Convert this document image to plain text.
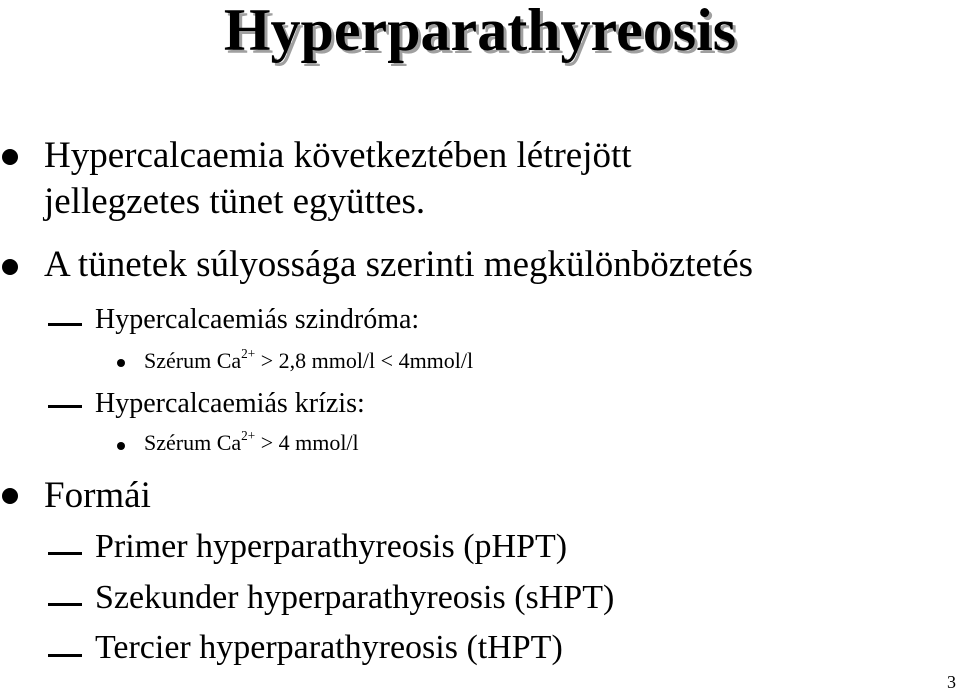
Hyperparathyreosis
Hypercalcaemia következtében létrejött
jellegzetes tünet együttes.
A tünetek súlyossága szerinti megkülönböztetés
Hypercalcaemiás szindróma:
Szérum $Ca^{2+} > 2,8$ mmol/l < 4mmol/l
Hypercalcaemiás krízis:
Szérum $Ca^{2+} > 4$ mmol/l
Formái
Primer hyperparathyreosis (pHPT)
Szekunder hyperparathyreosis (sHPT)
Tercier hyperparathyreosis (tHPT)
3
